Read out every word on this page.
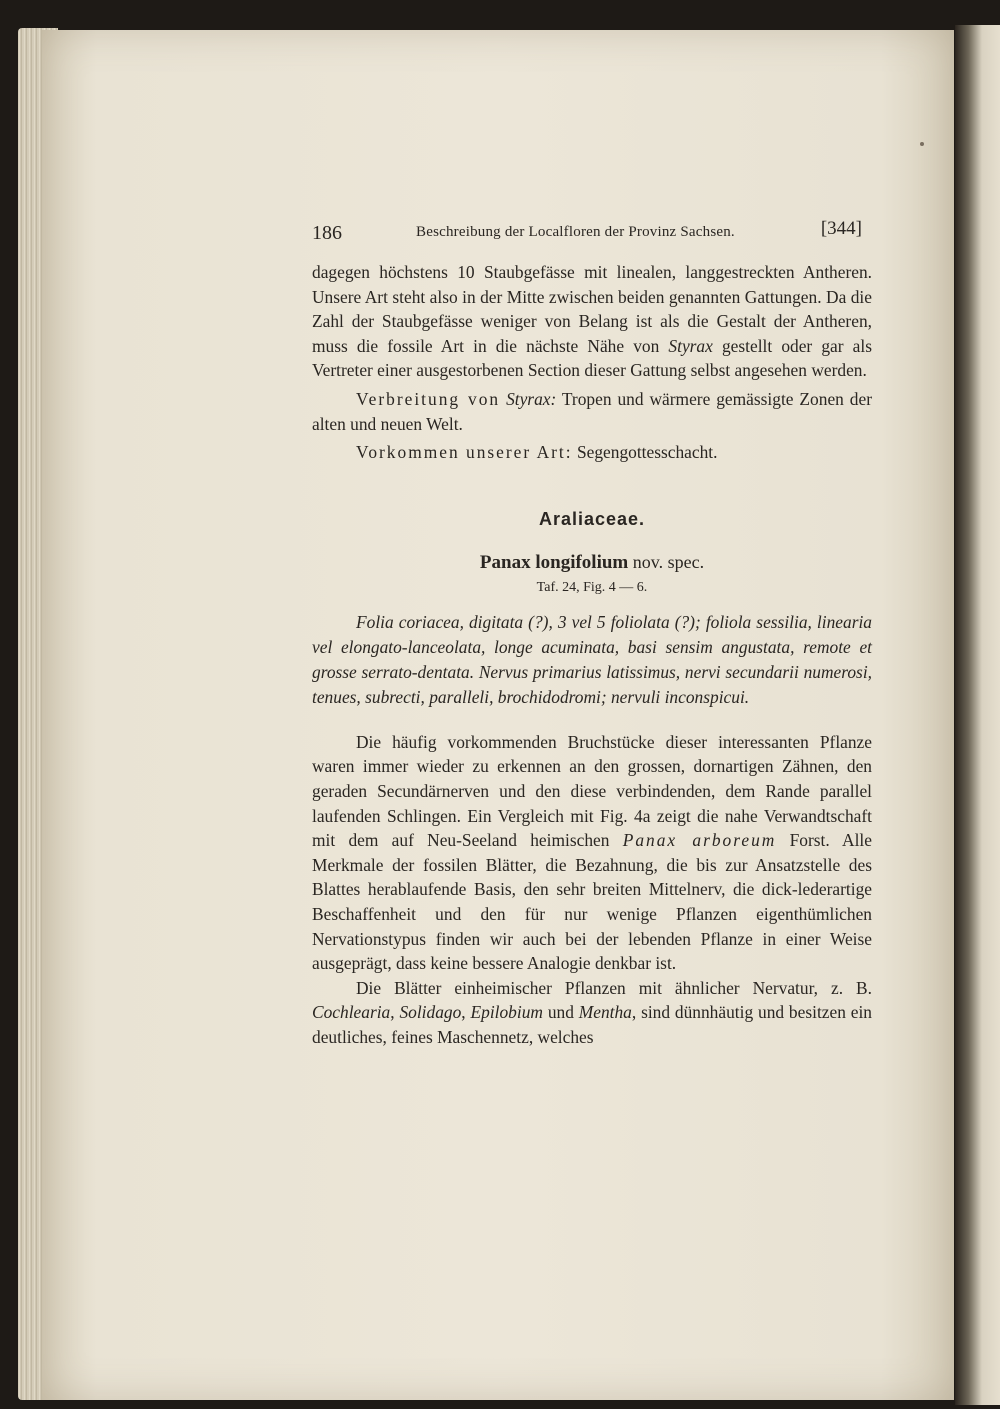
186	Beschreibung der Localfloren der Provinz Sachsen.	[344]

dagegen höchstens 10 Staubgefässe mit linealen, langgestreckten Antheren. Unsere Art steht also in der Mitte zwischen beiden genannten Gattungen. Da die Zahl der Staubgefässe weniger von Belang ist als die Gestalt der Antheren, muss die fossile Art in die nächste Nähe von Styrax gestellt oder gar als Vertreter einer ausgestorbenen Section dieser Gattung selbst angesehen werden.

Verbreitung von Styrax: Tropen und wärmere gemässigte Zonen der alten und neuen Welt.

Vorkommen unserer Art: Segengottesschacht.

Araliaceae.
Panax longifolium nov. spec.
Taf. 24, Fig. 4 — 6.

Folia coriacea, digitata (?), 3 vel 5 foliolata (?); foliola sessilia, linearia vel elongato-lanceolata, longe acuminata, basi sensim angustata, remote et grosse serrato-dentata. Nervus primarius latissimus, nervi secundarii numerosi, tenues, subrecti, paralleli, brochidodromi; nervuli inconspicui.

Die häufig vorkommenden Bruchstücke dieser interessanten Pflanze waren immer wieder zu erkennen an den grossen, dornartigen Zähnen, den geraden Secundärnerven und den diese verbindenden, dem Rande parallel laufenden Schlingen. Ein Vergleich mit Fig. 4a zeigt die nahe Verwandtschaft mit dem auf Neu-Seeland heimischen Panax arboreum Forst. Alle Merkmale der fossilen Blätter, die Bezahnung, die bis zur Ansatzstelle des Blattes herablaufende Basis, den sehr breiten Mittelnerv, die dick-lederartige Beschaffenheit und den für nur wenige Pflanzen eigenthümlichen Nervationstypus finden wir auch bei der lebenden Pflanze in einer Weise ausgeprägt, dass keine bessere Analogie denkbar ist.

Die Blätter einheimischer Pflanzen mit ähnlicher Nervatur, z. B. Cochlearia, Solidago, Epilobium und Mentha, sind dünnhäutig und besitzen ein deutliches, feines Maschennetz, welches
